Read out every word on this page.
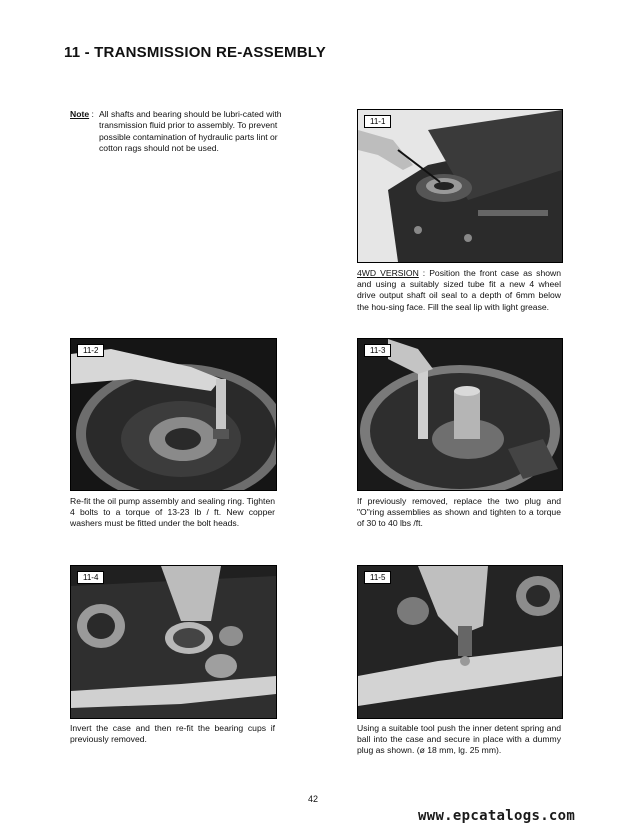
11 - TRANSMISSION RE-ASSEMBLY
Note : All shafts and bearing should be lubri-cated with transmission fluid prior to assembly. To prevent possible contamination of hydraulic parts lint or cotton rags should not be used.
11-1
4WD VERSION : Position the front case as shown and using a suitably sized tube fit a new 4 wheel drive output shaft oil seal to a depth of 6mm below the hou-sing face. Fill the seal lip with light grease.
11-2
Re-fit the oil pump assembly and sealing ring. Tighten 4 bolts to a torque of 13-23 lb / ft. New copper washers must be fitted under the bolt heads.
11-3
If previously removed, replace the two plug and "O"ring assemblies as shown and tighten to a torque of 30 to 40 lbs /ft.
11-4
Invert the case and then re-fit the bearing cups if previously removed.
11-5
Using a suitable tool push the inner detent spring and ball into the case and secure in place with a dummy plug as shown. (ø 18 mm, lg. 25 mm).
42
www.epcatalogs.com
